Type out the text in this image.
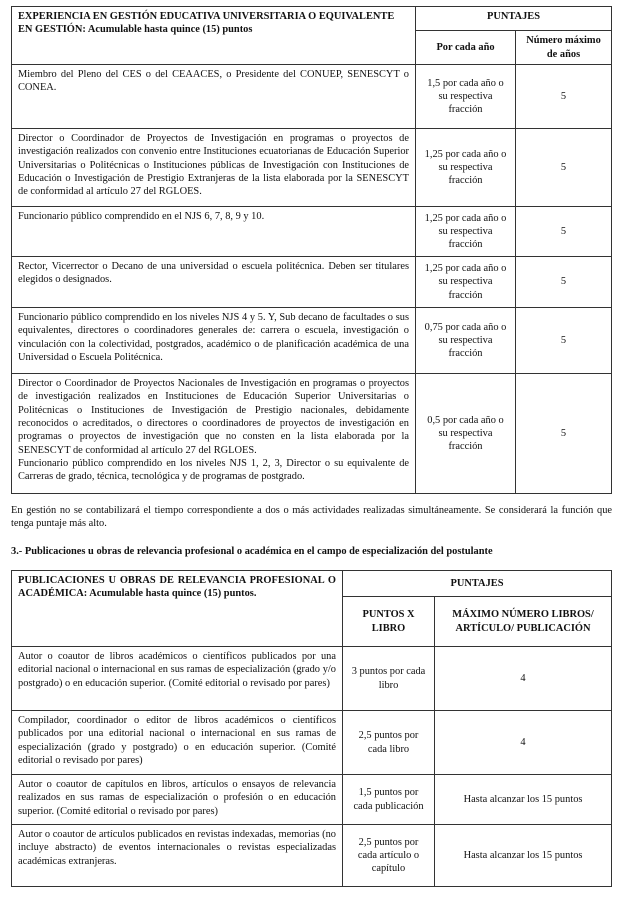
EXPERIENCIA EN GESTIÓN EDUCATIVA UNIVERSITARIA O EQUIVALENTE EN GESTIÓN: Acumulable hasta quince (15) puntos	PUNTAJES	
	Por cada año	Número máximo de años
Miembro del Pleno del CES o del CEAACES, o Presidente del CONUEP, SENESCYT o CONEA.	1,5 por cada año o su respectiva fracción	5
Director o Coordinador de Proyectos de Investigación en programas o proyectos de investigación realizados con convenio entre Instituciones ecuatorianas de Educación Superior Universitarias o Politécnicas o Instituciones públicas de Investigación con Instituciones de Educación o Investigación de Prestigio Extranjeras de la lista elaborada por la SENESCYT de conformidad al artículo 27 del RGLOES.	1,25 por cada año o su respectiva fracción	5
Funcionario público comprendido en el NJS 6, 7, 8, 9 y 10.	1,25 por cada año o su respectiva fracción	5
Rector, Vicerrector o Decano de una universidad o escuela politécnica. Deben ser titulares elegidos o designados.	1,25 por cada año o su respectiva fracción	5
Funcionario público comprendido en los niveles NJS 4 y 5. Y, Sub decano de facultades o sus equivalentes, directores o coordinadores generales de: carrera o escuela, investigación o vinculación con la colectividad, postgrados, académico o de planificación académica de una Universidad o Escuela Politécnica.	0,75 por cada año o su respectiva fracción	5

Director o Coordinador de Proyectos Nacionales de Investigación en programas o proyectos de investigación realizados en Instituciones de Educación Superior Universitarias o Politécnicas o Instituciones de Investigación de Prestigio nacionales, debidamente reconocidos o acreditados, o directores o coordinadores de proyectos de investigación en programas o proyectos de investigación que no consten en la lista elaborada por la SENESCYT de conformidad al artículo 27 del RGLOES.
Funcionario público comprendido en los niveles NJS 1, 2, 3, Director o su equivalente de Carreras de grado, técnica, tecnológica y de programas de postgrado.	0,5 por cada año o su respectiva fracción	5
En gestión no se contabilizará el tiempo correspondiente a dos o más actividades realizadas simultáneamente. Se considerará la función que tenga puntaje más alto.
3.- Publicaciones u obras de relevancia profesional o académica en el campo de especialización del postulante
PUBLICACIONES U OBRAS DE RELEVANCIA PROFESIONAL O ACADÉMICA: Acumulable hasta quince (15) puntos.	PUNTAJES	
	PUNTOS X LIBRO	MÁXIMO NÚMERO LIBROS/ ARTÍCULO/ PUBLICACIÓN
Autor o coautor de libros académicos o científicos publicados por una editorial nacional o internacional en sus ramas de especialización (grado y/o postgrado) o en educación superior. (Comité editorial o revisado por pares)	3 puntos por cada libro	4
Compilador, coordinador o editor de libros académicos o científicos publicados por una editorial nacional o internacional en sus ramas de especialización (grado y postgrado) o en educación superior. (Comité editorial o revisado por pares)	2,5 puntos por cada libro	4
Autor o coautor de capítulos en libros, artículos o ensayos de relevancia realizados en sus ramas de especialización o profesión o en educación superior. (Comité editorial o revisado por pares)	1,5 puntos por cada publicación	Hasta alcanzar los 15 puntos
Autor o coautor de artículos publicados en revistas indexadas, memorias (no incluye abstracto) de eventos internacionales o revistas especializadas académicas extranjeras.	2,5 puntos por cada artículo o capítulo	Hasta alcanzar los 15 puntos
